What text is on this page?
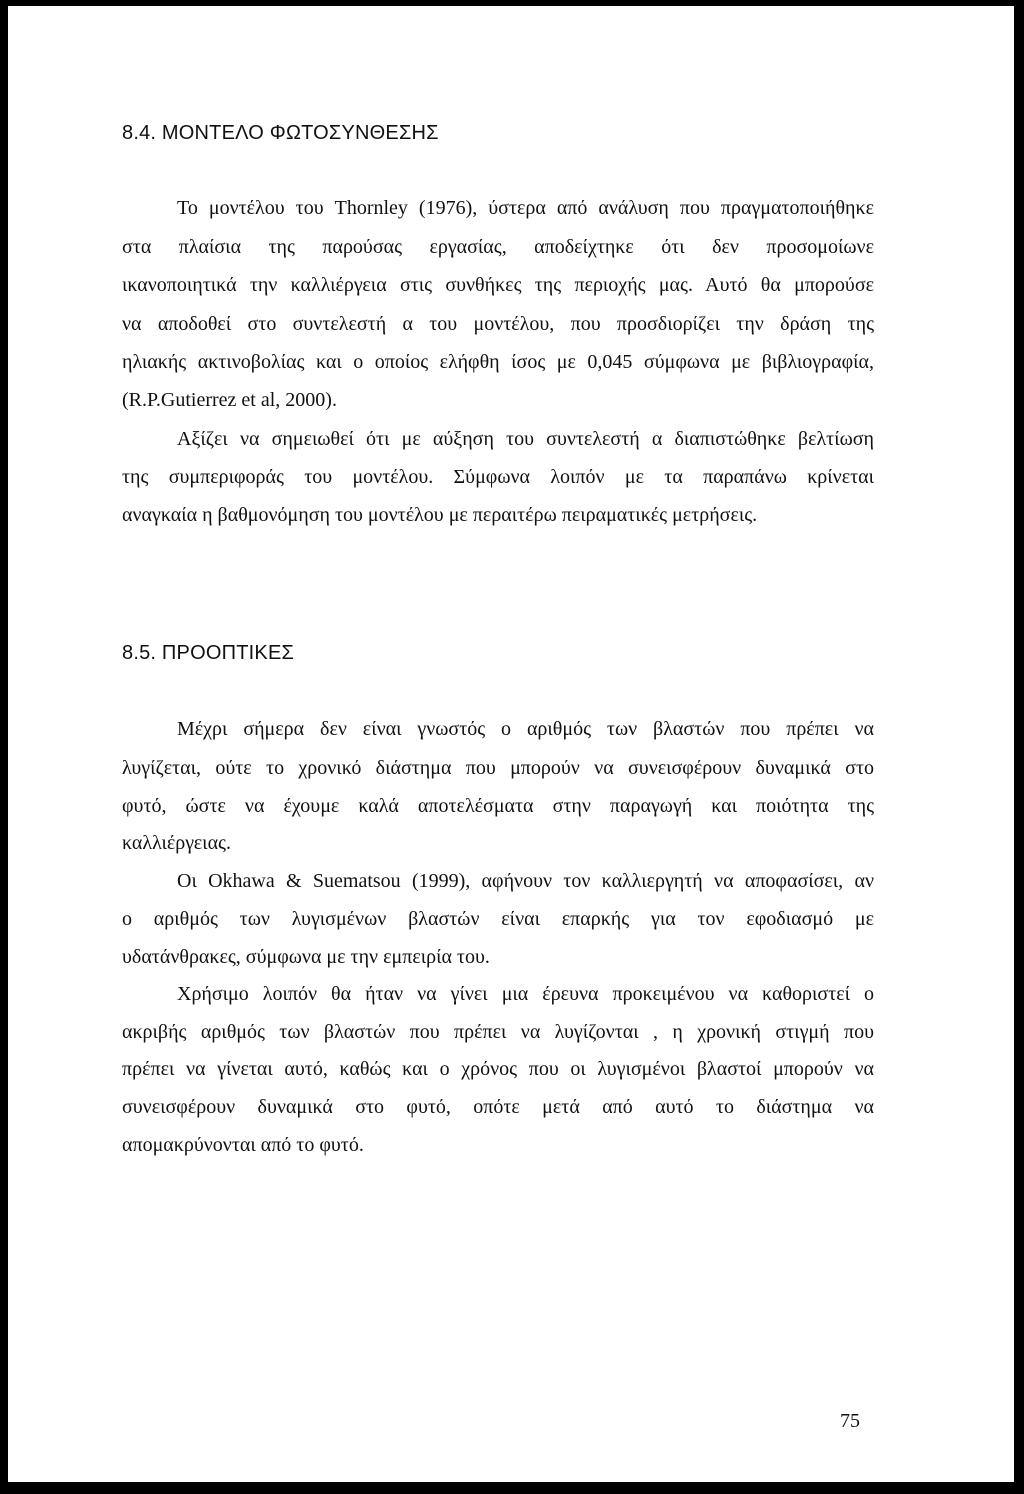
8.4. ΜΟΝΤΕΛΟ ΦΩΤΟΣΥΝΘΕΣΗΣ
Το μοντέλου του Thornley (1976), ύστερα από ανάλυση που πραγματοποιήθηκε
στα πλαίσια της παρούσας εργασίας, αποδείχτηκε ότι δεν προσομοίωνε
ικανοποιητικά την καλλιέργεια στις συνθήκες της περιοχής μας. Αυτό θα μπορούσε
να αποδοθεί στο συντελεστή α του μοντέλου, που προσδιορίζει την δράση της
ηλιακής ακτινοβολίας και ο οποίος ελήφθη ίσος με 0,045 σύμφωνα με βιβλιογραφία,
(R.P.Gutierrez et al, 2000).
Αξίζει να σημειωθεί ότι με αύξηση του συντελεστή α διαπιστώθηκε βελτίωση
της συμπεριφοράς του μοντέλου. Σύμφωνα λοιπόν με τα παραπάνω κρίνεται
αναγκαία η βαθμονόμηση του μοντέλου με περαιτέρω πειραματικές μετρήσεις.
8.5. ΠΡΟΟΠΤΙΚΕΣ
Μέχρι σήμερα δεν είναι γνωστός ο αριθμός των βλαστών που πρέπει να
λυγίζεται, ούτε το χρονικό διάστημα που μπορούν να συνεισφέρουν δυναμικά στο
φυτό, ώστε να έχουμε καλά αποτελέσματα στην παραγωγή και ποιότητα της
καλλιέργειας.
Οι Okhawa & Suematsou (1999), αφήνουν τον καλλιεργητή να αποφασίσει, αν
ο αριθμός των λυγισμένων βλαστών είναι επαρκής για τον εφοδιασμό με
υδατάνθρακες, σύμφωνα με την εμπειρία του.
Χρήσιμο λοιπόν θα ήταν να γίνει μια έρευνα προκειμένου να καθοριστεί ο
ακριβής αριθμός των βλαστών που πρέπει να λυγίζονται , η χρονική στιγμή που
πρέπει να γίνεται αυτό, καθώς και ο χρόνος που οι λυγισμένοι βλαστοί μπορούν να
συνεισφέρουν δυναμικά στο φυτό, οπότε μετά από αυτό το διάστημα να
απομακρύνονται από το φυτό.
75
